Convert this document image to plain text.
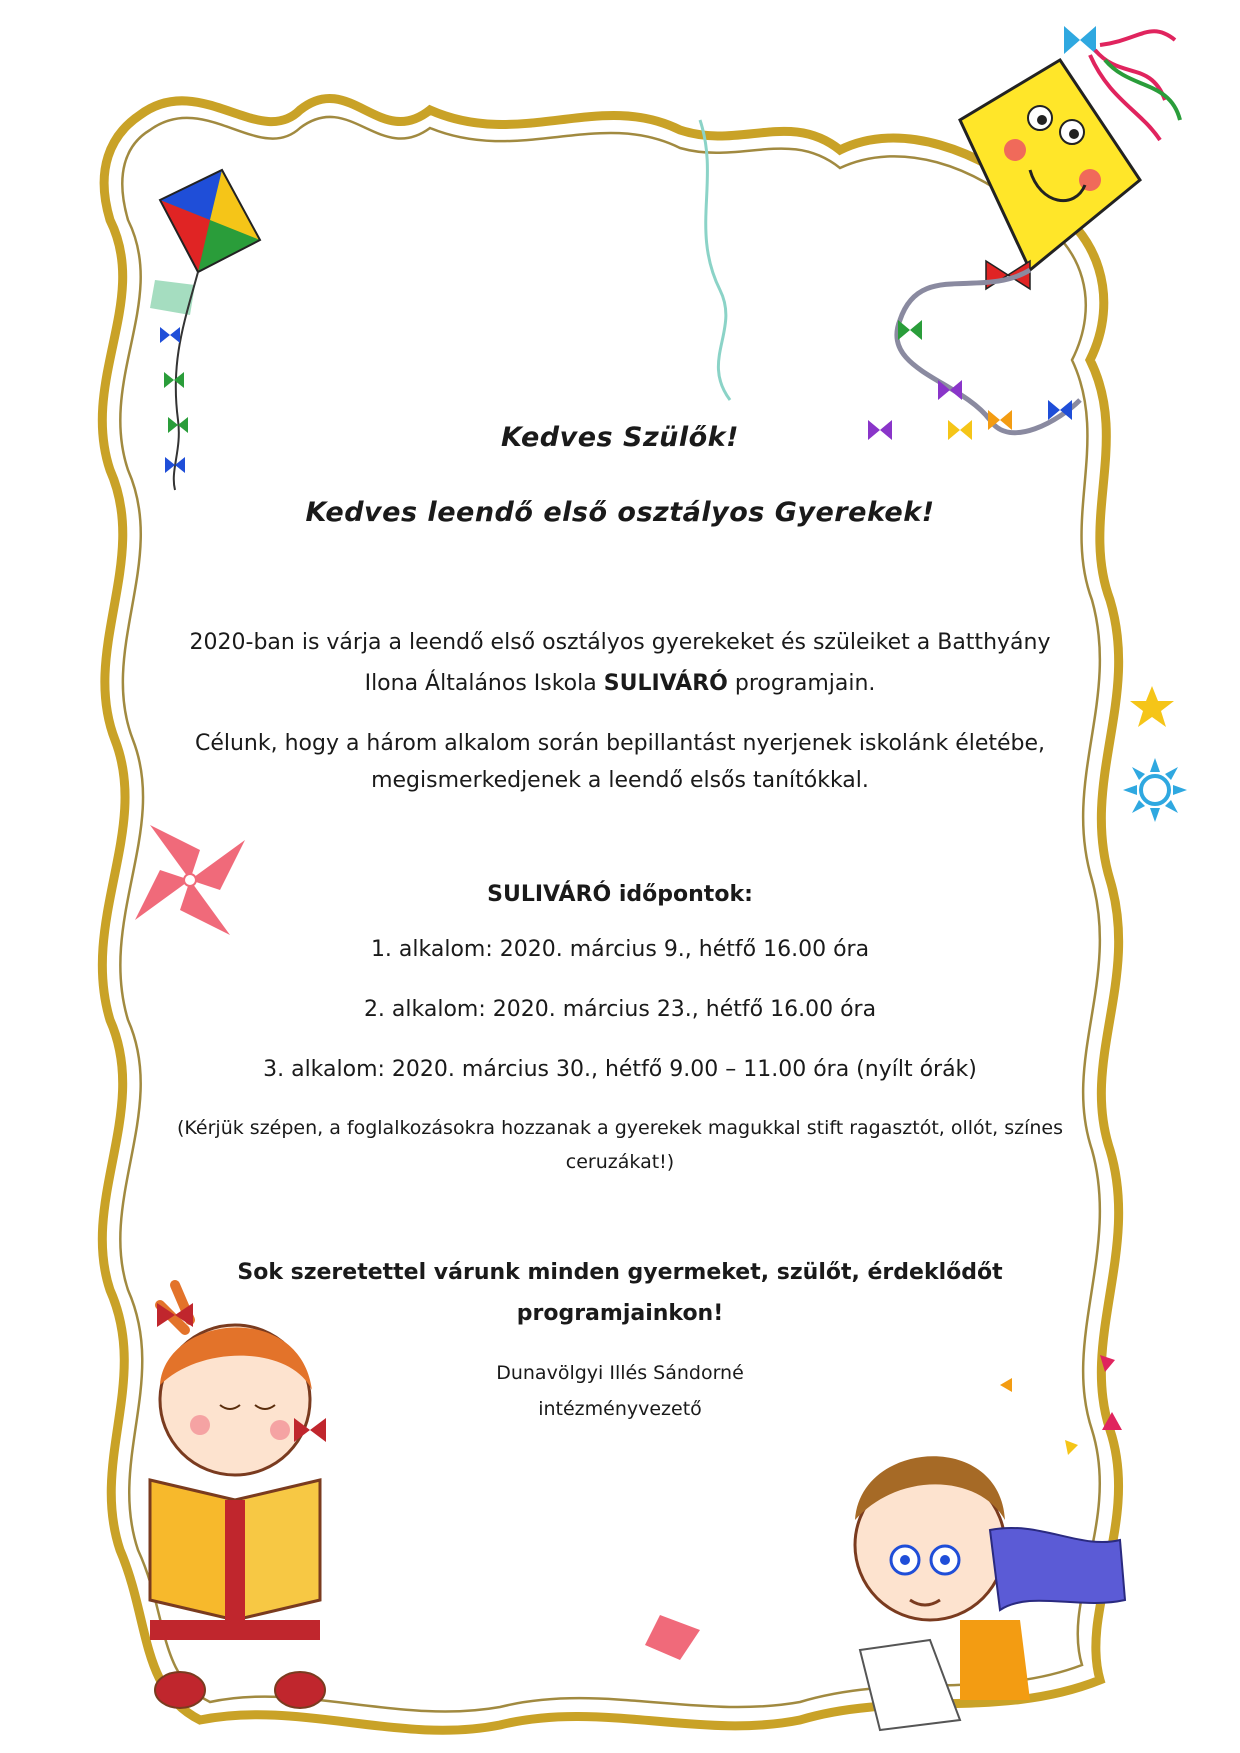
Kedves Szülők!

Kedves leendő első osztályos Gyerekek!

2020-ban is várja a leendő első osztályos gyerekeket és szüleiket a Batthyány

Ilona Általános Iskola SULIVÁRÓ programjain.

Célunk, hogy a három alkalom során bepillantást nyerjenek iskolánk életébe,

megismerkedjenek a leendő elsős tanítókkal.

SULIVÁRÓ időpontok:

1. alkalom: 2020. március 9., hétfő 16.00 óra

2. alkalom: 2020. március 23., hétfő 16.00 óra

3. alkalom: 2020. március 30., hétfő 9.00 – 11.00 óra (nyílt órák)

(Kérjük szépen, a foglalkozásokra hozzanak a gyerekek magukkal stift ragasztót, ollót, színes

ceruzákat!)

Sok szeretettel várunk minden gyermeket, szülőt, érdeklődőt

programjainkon!

Dunavölgyi Illés Sándorné

intézményvezető
